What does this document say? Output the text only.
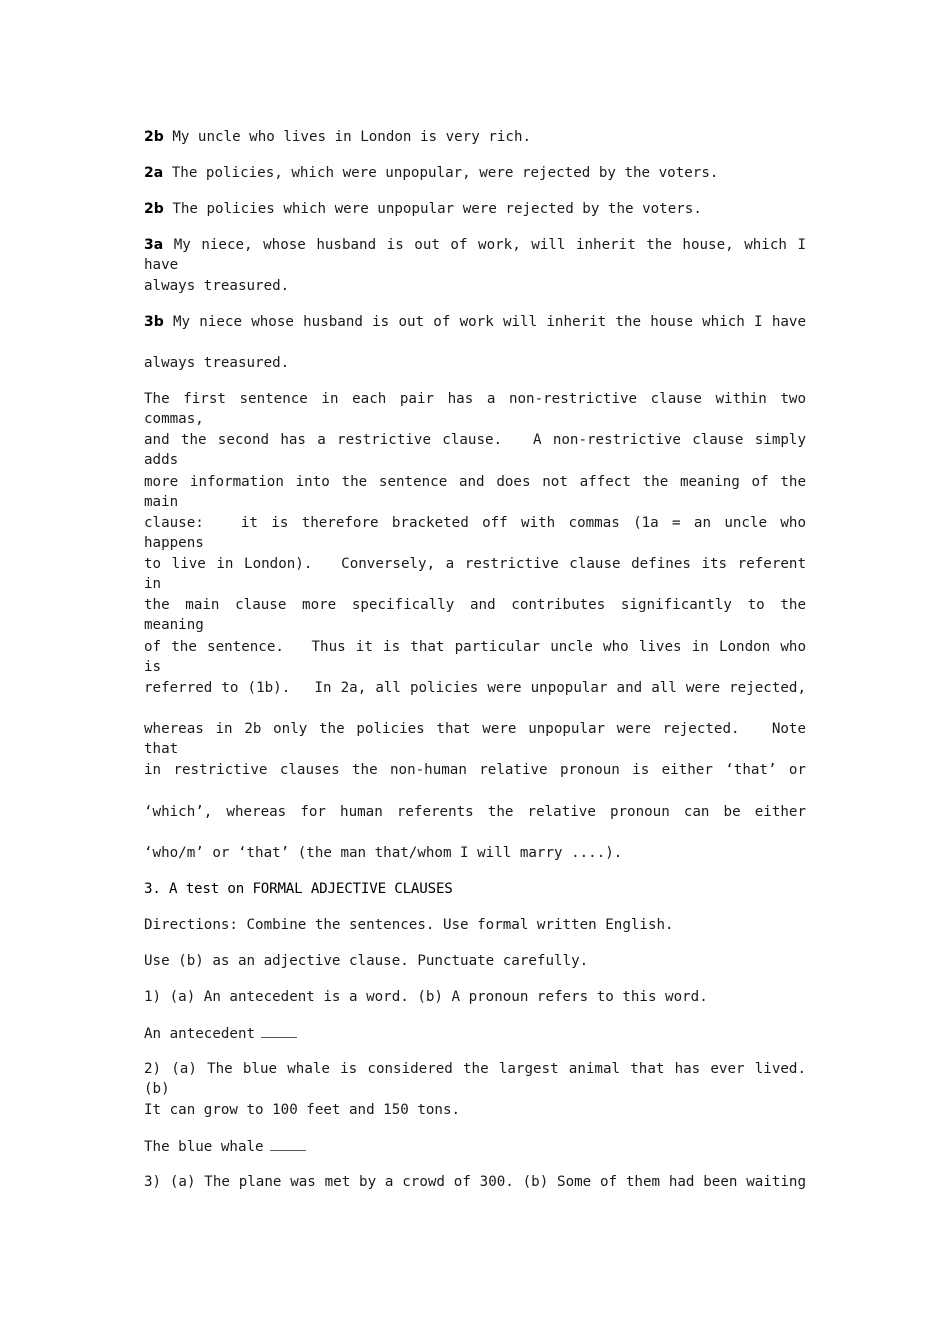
2b My uncle who lives in London is very rich.
2a The policies, which were unpopular, were rejected by the voters.
2b The policies which were unpopular were rejected by the voters.
3a My niece, whose husband is out of work, will inherit the house, which I have
always treasured.
3b My niece whose husband is out of work will inherit the house which I have
always treasured.
The first sentence in each pair has a non-restrictive clause within two commas,
and the second has a restrictive clause.　 A non-restrictive clause simply adds
more information into the sentence and does not affect the meaning of the main
clause:　 it is therefore bracketed off with commas (1a = an uncle who happens
to live in London).　 Conversely, a restrictive clause defines its referent in
the main clause more specifically and contributes significantly to the meaning
of the sentence.　 Thus it is that particular uncle who lives in London who is
referred to (1b).　 In 2a, all policies were unpopular and all were rejected,
whereas in 2b only the policies that were unpopular were rejected.　 Note that
in restrictive clauses the non-human relative pronoun is either ‘that’ or
‘which’, whereas for human referents the relative pronoun can be either
‘who/m’ or ‘that’ (the man that/whom I will marry ....).
3. A test on FORMAL ADJECTIVE CLAUSES
Directions: Combine the sentences. Use formal written English.
Use (b) as an adjective clause. Punctuate carefully.
1) (a) An antecedent is a word. (b) A pronoun refers to this word.
An antecedent
2) (a) The blue whale is considered the largest animal that has ever lived.(b)
It can grow to 100 feet and 150 tons.
The blue whale
3) (a) The plane was met by a crowd of 300. (b) Some of them had been waiting
